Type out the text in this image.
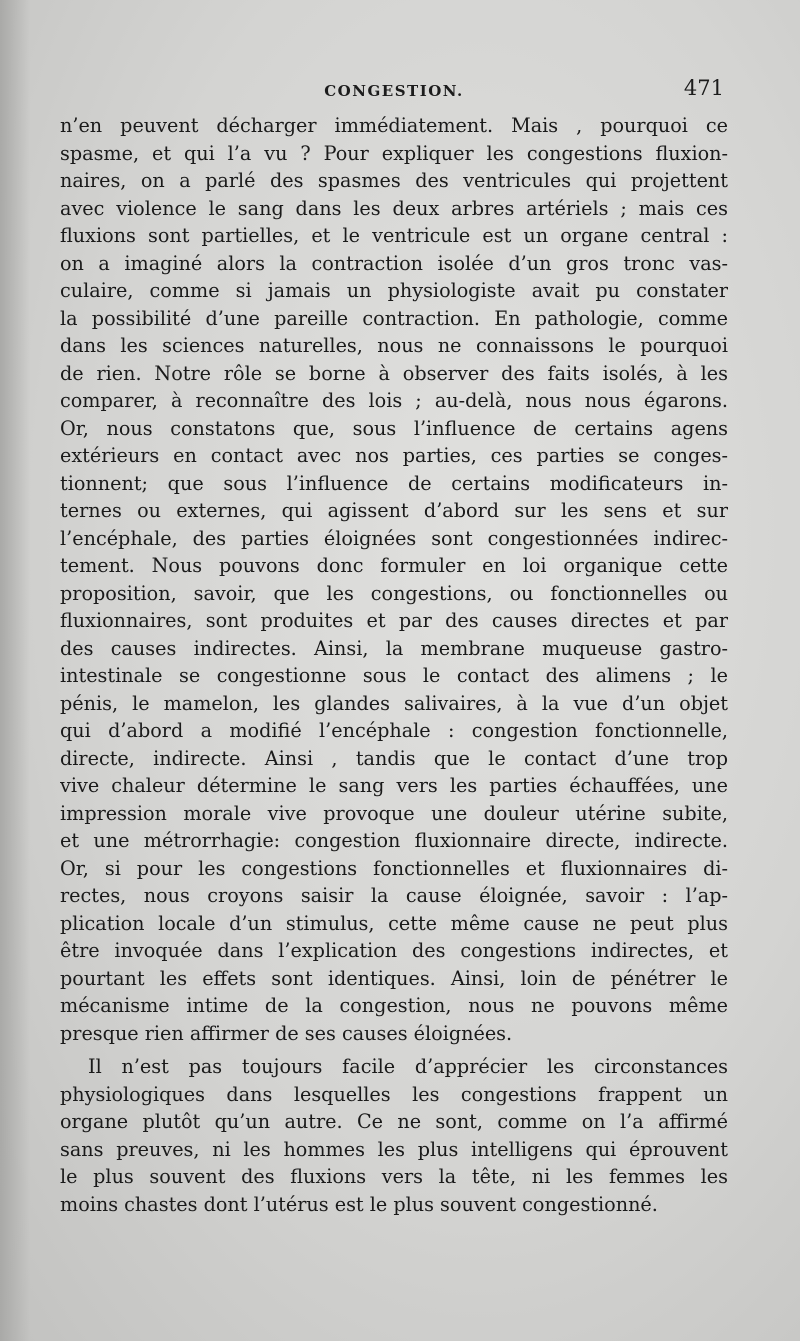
CONGESTION.	471
n’en peuvent décharger immédiatement. Mais , pourquoi ce
spasme, et qui l’a vu ? Pour expliquer les congestions fluxion-
naires, on a parlé des spasmes des ventricules qui projettent
avec violence le sang dans les deux arbres artériels ; mais ces
fluxions sont partielles, et le ventricule est un organe central :
on a imaginé alors la contraction isolée d’un gros tronc vas-
culaire, comme si jamais un physiologiste avait pu constater
la possibilité d’une pareille contraction. En pathologie, comme
dans les sciences naturelles, nous ne connaissons le pourquoi
de rien. Notre rôle se borne à observer des faits isolés, à les
comparer, à reconnaître des lois ; au-delà, nous nous égarons.
Or, nous constatons que, sous l’influence de certains agens
extérieurs en contact avec nos parties, ces parties se conges-
tionnent; que sous l’influence de certains modificateurs in-
ternes ou externes, qui agissent d’abord sur les sens et sur
l’encéphale, des parties éloignées sont congestionnées indirec-
tement. Nous pouvons donc formuler en loi organique cette
proposition, savoir, que les congestions, ou fonctionnelles ou
fluxionnaires, sont produites et par des causes directes et par
des causes indirectes. Ainsi, la membrane muqueuse gastro-
intestinale se congestionne sous le contact des alimens ; le
pénis, le mamelon, les glandes salivaires, à la vue d’un objet
qui d’abord a modifié l’encéphale : congestion fonctionnelle,
directe, indirecte. Ainsi , tandis que le contact d’une trop
vive chaleur détermine le sang vers les parties échauffées, une
impression morale vive provoque une douleur utérine subite,
et une métrorrhagie: congestion fluxionnaire directe, indirecte.
Or, si pour les congestions fonctionnelles et fluxionnaires di-
rectes, nous croyons saisir la cause éloignée, savoir : l’ap-
plication locale d’un stimulus, cette même cause ne peut plus
être invoquée dans l’explication des congestions indirectes, et
pourtant les effets sont identiques. Ainsi, loin de pénétrer le
mécanisme intime de la congestion, nous ne pouvons même
presque rien affirmer de ses causes éloignées.
Il n’est pas toujours facile d’apprécier les circonstances
physiologiques dans lesquelles les congestions frappent un
organe plutôt qu’un autre. Ce ne sont, comme on l’a affirmé
sans preuves, ni les hommes les plus intelligens qui éprouvent
le plus souvent des fluxions vers la tête, ni les femmes les
moins chastes dont l’utérus est le plus souvent congestionné.
